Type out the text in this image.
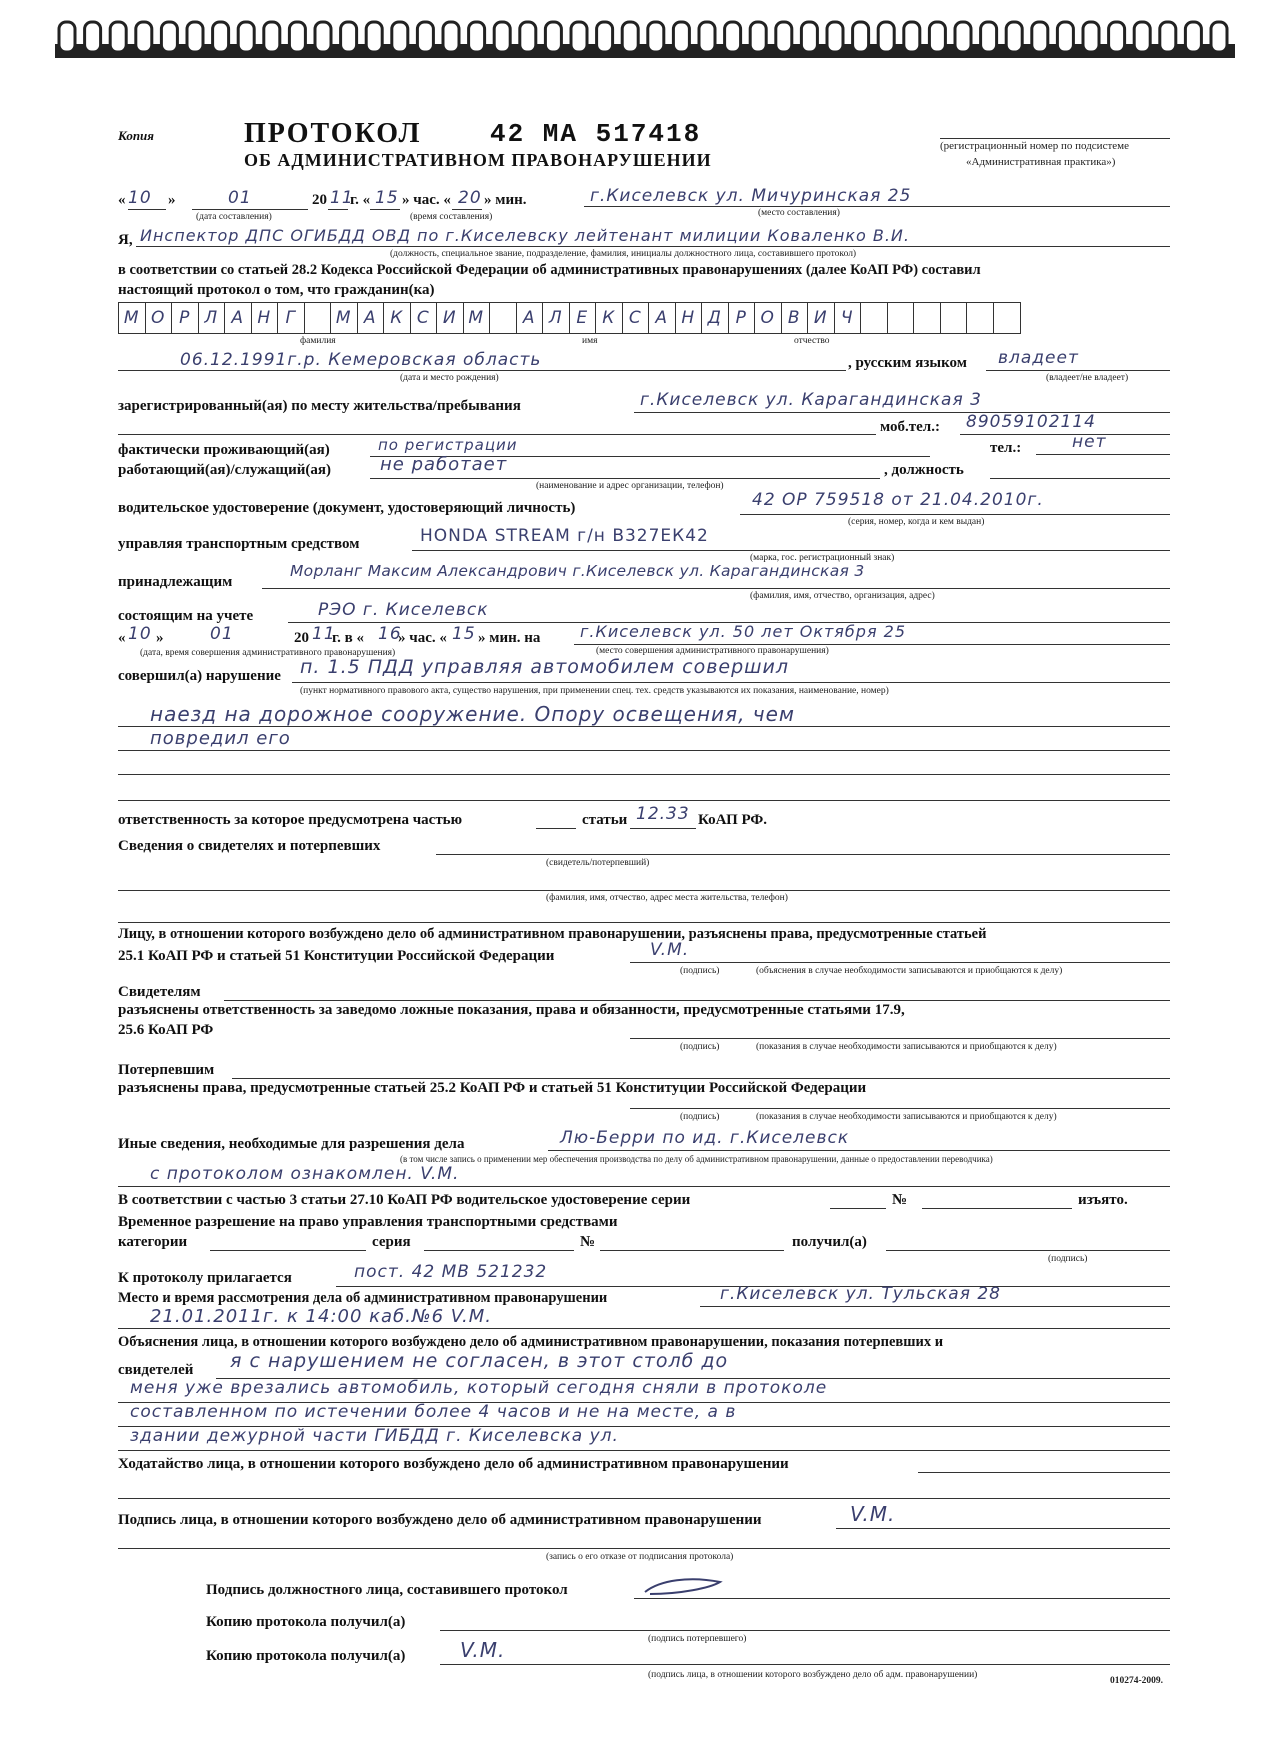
Копия	ПРОТОКОЛ	42 МА 517418
ОБ АДМИНИСТРАТИВНОМ ПРАВОНАРУШЕНИИ
(регистрационный номер по подсистеме
«Административная практика»)
« 10 »	01	20 11
г. « 15 » час. « 20 » мин.	г.Киселевск ул. Мичуринская 25
(дата составления)	(время составления)	(место составления)
Я, Инспектор ДПС ОГИБДД ОВД по г.Киселевску лейтенант милиции Коваленко В.И.
(должность, специальное звание, подразделение, фамилия, инициалы должностного лица, составившего протокол)
в соответствии со статьей 28.2 Кодекса Российской Федерации об административных правонарушениях (далее КоАП РФ) составил
настоящий протокол о том, что гражданин(ка)
М О Р Л А Н Г	М А К С И М	А Л Е К С А Н Д Р О В И Ч
фамилия	имя	отчество
06.12.1991г.р. Кемеровская область
(дата и место рождения)
, русским языком владеет
(владеет/не владеет)
зарегистрированный(ая) по месту жительства/пребывания	г.Киселевск ул. Карагандинская 3
моб.тел.: 89059102114
фактически проживающий(ая)	по регистрации	тел.:	нет
работающий(ая)/служащий(ая)	не работает	, должность
(наименование и адрес организации, телефон)
водительское удостоверение (документ, удостоверяющий личность)	42 ОР 759518 от 21.04.2010г.
(серия, номер, когда и кем выдан)
управляя транспортным средством	HONDA STREAM г/н В327ЕК42
(марка, гос. регистрационный знак)
принадлежащим
Морланг Максим Александрович г.Киселевск ул. Карагандинская 3
(фамилия, имя, отчество, организация, адрес)
состоящим на учете	РЭО г. Киселевск
« 10 »	01	20 11
г. в « 16
» час. « 15 » мин. на г.Киселевск ул. 50 лет Октября 25
(дата, время совершения административного правонарушения)	(место совершения административного правонарушения)
совершил(а) нарушение п. 1.5 ПДД управляя автомобилем совершил
(пункт нормативного правового акта, существо нарушения, при применении спец. тех. средств указываются их показания, наименование, номер)
наезд на дорожное сооружение. Опору освещения, чем
повредил его
ответственность за которое предусмотрена частью	статьи 12.33 КоАП РФ.
Сведения о свидетелях и потерпевших
(свидетель/потерпевший)
(фамилия, имя, отчество, адрес места жительства, телефон)
Лицу, в отношении которого возбуждено дело об административном правонарушении, разъяснены права, предусмотренные статьей
25.1 КоАП РФ и статьей 51 Конституции Российской Федерации	V.M.
(подпись)	(объяснения в случае необходимости записываются и приобщаются к делу)
Свидетелям
разъяснены ответственность за заведомо ложные показания, права и обязанности, предусмотренные статьями 17.9,
25.6 КоАП РФ
(подпись)	(показания в случае необходимости записываются и приобщаются к делу)
Потерпевшим
разъяснены права, предусмотренные статьей 25.2 КоАП РФ и статьей 51 Конституции Российской Федерации
(подпись)	(показания в случае необходимости записываются и приобщаются к делу)
Иные сведения, необходимые для разрешения дела	Лю-Берри по ид. г.Киселевск
(в том числе запись о применении мер обеспечения производства по делу об административном правонарушении, данные о предоставлении переводчика)
с протоколом ознакомлен. V.M.
В соответствии с частью 3 статьи 27.10 КоАП РФ водительское удостоверение серии	№	изъято.
Временное разрешение на право управления транспортными средствами
категории	серия	№	получил(а)
(подпись)
К протоколу прилагается	пост. 42 МВ 521232
Место и время рассмотрения дела об административном правонарушении	г.Киселевск ул. Тульская 28
21.01.2011г. к 14:00 каб.№6 V.M.
Объяснения лица, в отношении которого возбуждено дело об административном правонарушении, показания потерпевших и
свидетелей я с нарушением не согласен, в этот столб до
меня уже врезались автомобиль, который сегодня сняли в протоколе
составленном по истечении более 4 часов и не на месте, а в
здании дежурной части ГИБДД г. Киселевска ул.
Ходатайство лица, в отношении которого возбуждено дело об административном правонарушении
Подпись лица, в отношении которого возбуждено дело об административном правонарушении	V.M.
(запись о его отказе от подписания протокола)
Подпись должностного лица, составившего протокол
Копию протокола получил(а)
(подпись потерпевшего)
Копию протокола получил(а)	V.M.
(подпись лица, в отношении которого возбуждено дело об адм. правонарушении)
010274-2009.
